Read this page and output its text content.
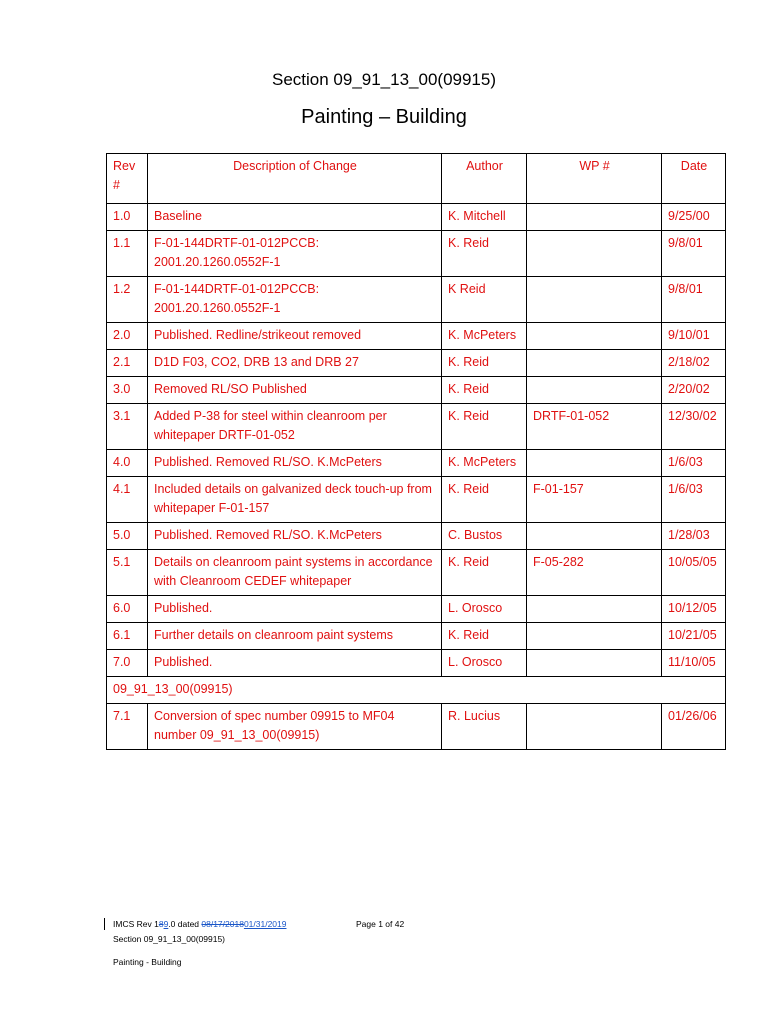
Section 09_91_13_00(09915)
Painting – Building
Rev #	Description of Change	Author	WP #	Date
1.0	Baseline	K. Mitchell		9/25/00
1.1	F-01-144DRTF-01-012PCCB: 2001.20.1260.0552F-1	K. Reid		9/8/01
1.2	F-01-144DRTF-01-012PCCB: 2001.20.1260.0552F-1	K Reid		9/8/01
2.0	Published. Redline/strikeout removed	K. McPeters		9/10/01
2.1	D1D F03, CO2, DRB 13 and DRB 27	K. Reid		2/18/02
3.0	Removed RL/SO Published	K. Reid		2/20/02
3.1	Added P-38 for steel within cleanroom per whitepaper DRTF-01-052	K. Reid	DRTF-01-052	12/30/02
4.0	Published. Removed RL/SO. K.McPeters	K. McPeters		1/6/03
4.1	Included details on galvanized deck touch-up from whitepaper F-01-157	K. Reid	F-01-157	1/6/03
5.0	Published. Removed RL/SO. K.McPeters	C. Bustos		1/28/03
5.1	Details on cleanroom paint systems in accordance with Cleanroom CEDEF whitepaper	K. Reid	F-05-282	10/05/05
6.0	Published.	L. Orosco		10/12/05
6.1	Further details on cleanroom paint systems	K. Reid		10/21/05
7.0	Published.	L. Orosco		11/10/05
09_91_13_00(09915)				
7.1	Conversion of spec number 09915 to MF04 number 09_91_13_00(09915)	R. Lucius		01/26/06
IMCS Rev 189.0 dated 08/17/201801/31/2019	Page 1 of 42
Section 09_91_13_00(09915)
Painting - Building
